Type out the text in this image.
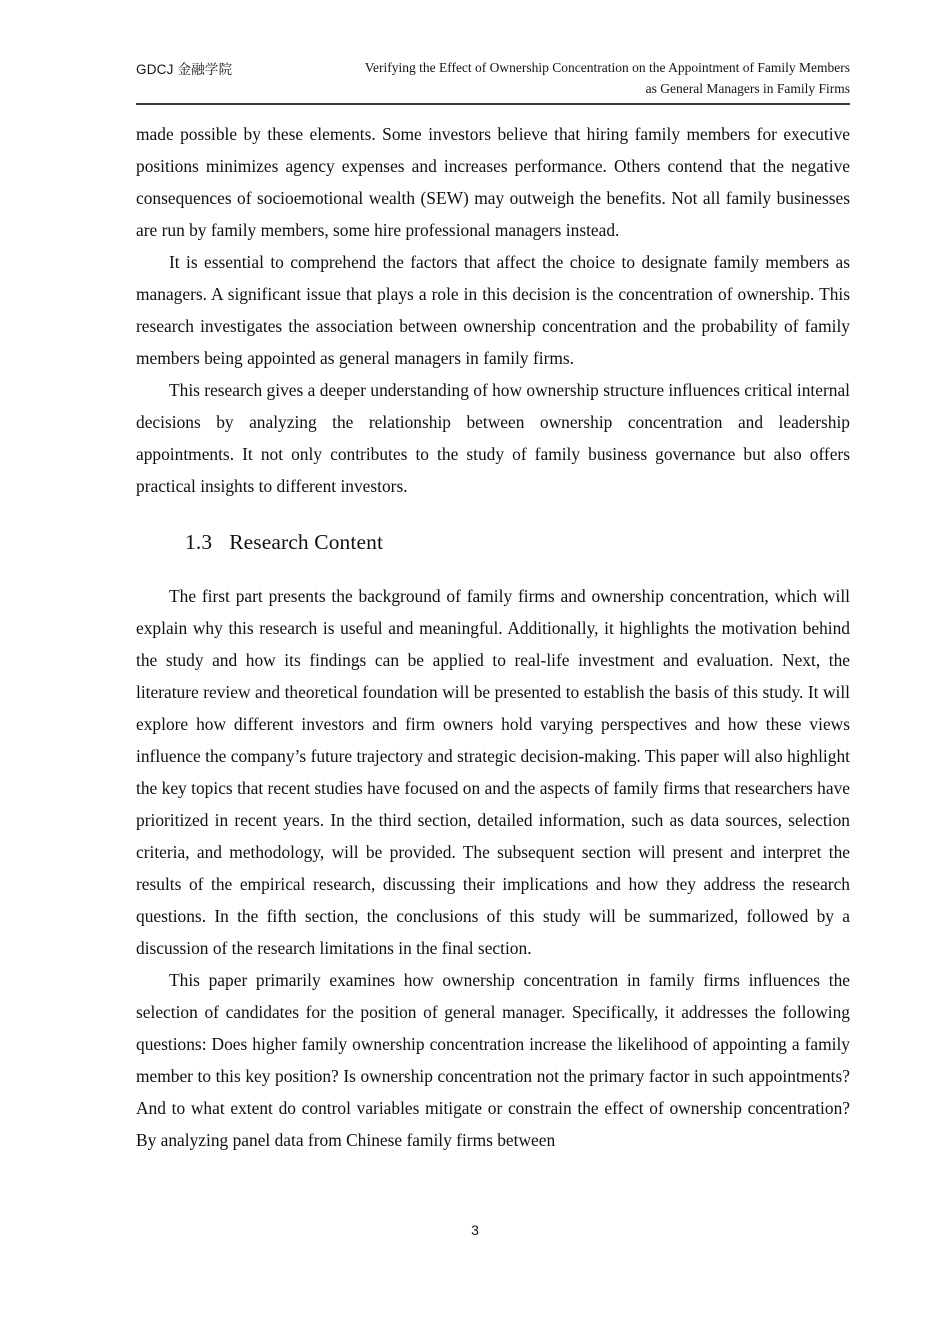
GDCJ 金融学院	Verifying the Effect of Ownership Concentration on the Appointment of Family Members
as General Managers in Family Firms

made possible by these elements. Some investors believe that hiring family members for executive positions minimizes agency expenses and increases performance. Others contend that the negative consequences of socioemotional wealth (SEW) may outweigh the benefits. Not all family businesses are run by family members, some hire professional managers instead.

It is essential to comprehend the factors that affect the choice to designate family members as managers. A significant issue that plays a role in this decision is the concentration of ownership. This research investigates the association between ownership concentration and the probability of family members being appointed as general managers in family firms.

This research gives a deeper understanding of how ownership structure influences critical internal decisions by analyzing the relationship between ownership concentration and leadership appointments. It not only contributes to the study of family business governance but also offers practical insights to different investors.

1.3 Research Content

The first part presents the background of family firms and ownership concentration, which will explain why this research is useful and meaningful. Additionally, it highlights the motivation behind the study and how its findings can be applied to real-life investment and evaluation. Next, the literature review and theoretical foundation will be presented to establish the basis of this study. It will explore how different investors and firm owners hold varying perspectives and how these views influence the company’s future trajectory and strategic decision-making. This paper will also highlight the key topics that recent studies have focused on and the aspects of family firms that researchers have prioritized in recent years. In the third section, detailed information, such as data sources, selection criteria, and methodology, will be provided. The subsequent section will present and interpret the results of the empirical research, discussing their implications and how they address the research questions. In the fifth section, the conclusions of this study will be summarized, followed by a discussion of the research limitations in the final section.

This paper primarily examines how ownership concentration in family firms influences the selection of candidates for the position of general manager. Specifically, it addresses the following questions: Does higher family ownership concentration increase the likelihood of appointing a family member to this key position? Is ownership concentration not the primary factor in such appointments? And to what extent do control variables mitigate or constrain the effect of ownership concentration? By analyzing panel data from Chinese family firms between

3
